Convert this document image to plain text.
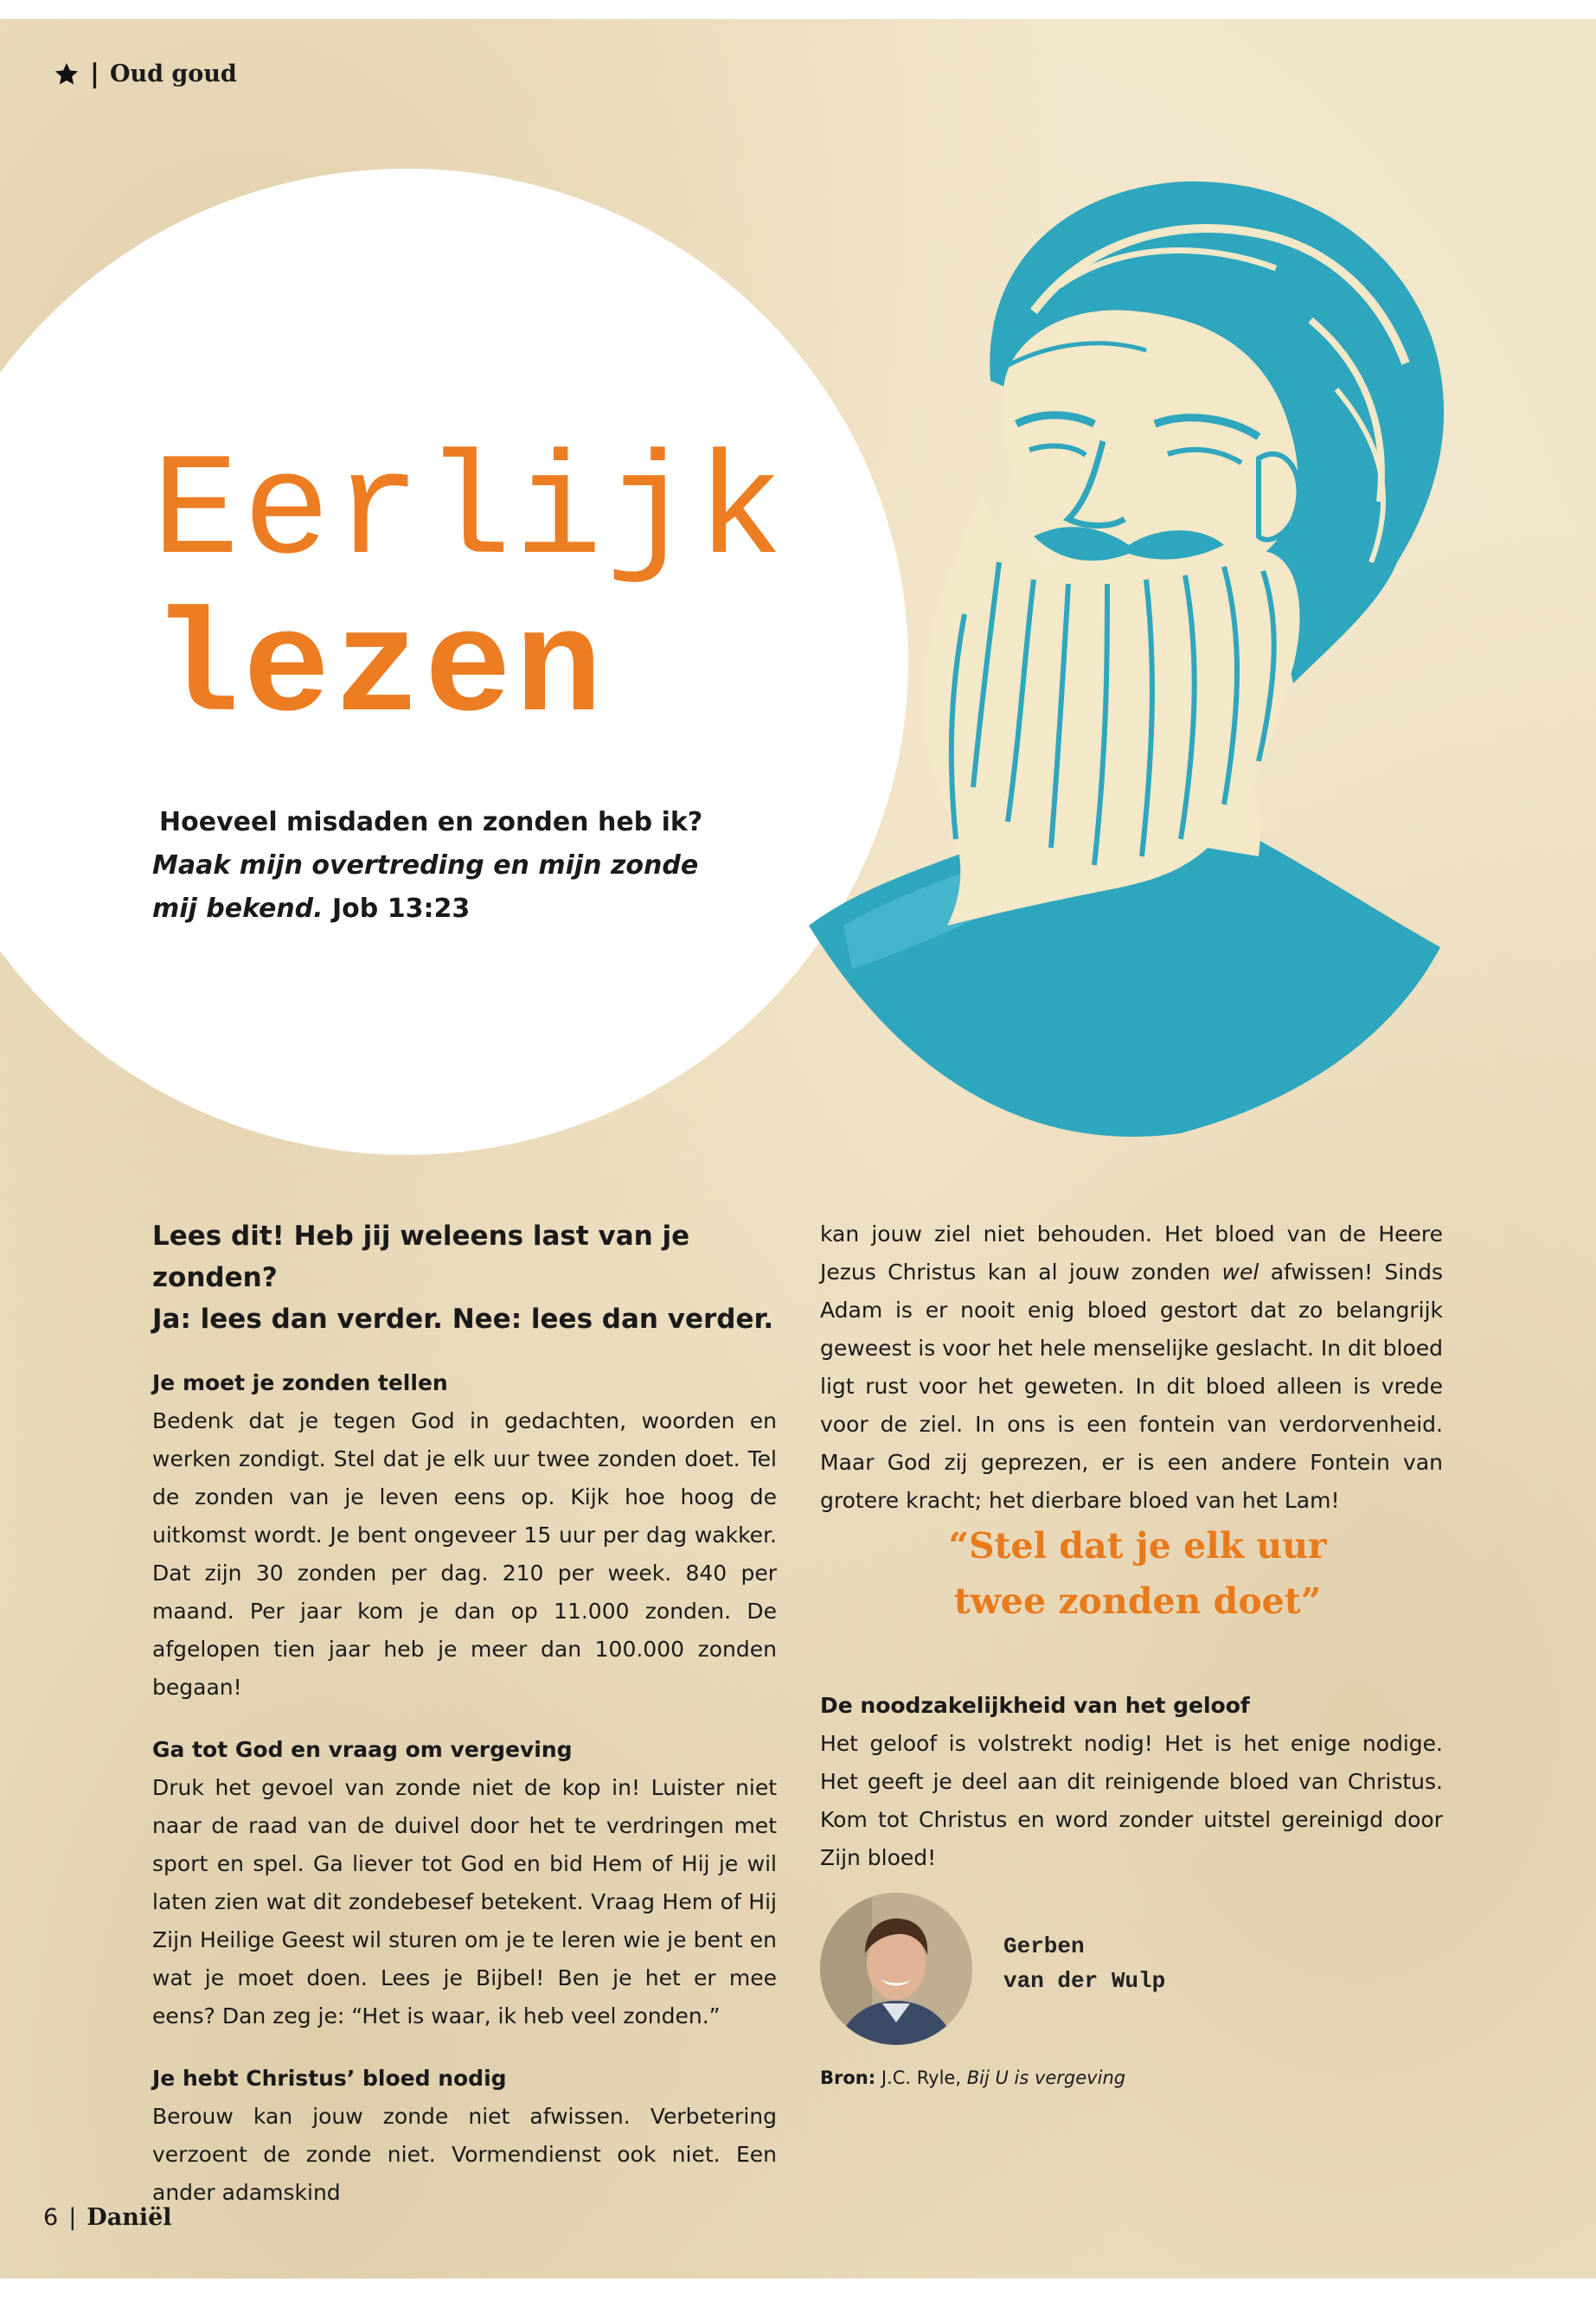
| Oud goud
Eerlijk
lezen
Hoeveel misdaden en zonden heb ik?
Maak mijn overtreding en mijn zonde mij bekend. Job 13:23
Lees dit! Heb jij weleens last van je zonden?
Ja: lees dan verder. Nee: lees dan verder.
Je moet je zonden tellen

Bedenk dat je tegen God in gedachten, woorden en werken zondigt. Stel dat je elk uur twee zonden doet. Tel de zonden van je leven eens op. Kijk hoe hoog de uitkomst wordt. Je bent ongeveer 15 uur per dag wakker. Dat zijn 30 zonden per dag. 210 per week. 840 per maand. Per jaar kom je dan op 11.000 zonden. De afgelopen tien jaar heb je meer dan 100.000 zonden begaan!

Ga tot God en vraag om vergeving

Druk het gevoel van zonde niet de kop in! Luister niet naar de raad van de duivel door het te verdringen met sport en spel. Ga liever tot God en bid Hem of Hij je wil laten zien wat dit zondebesef betekent. Vraag Hem of Hij Zijn Heilige Geest wil sturen om je te leren wie je bent en wat je moet doen. Lees je Bijbel! Ben je het er mee eens? Dan zeg je: “Het is waar, ik heb veel zonden.”

Je hebt Christus’ bloed nodig

Berouw kan jouw zonde niet afwissen. Verbetering verzoent de zonde niet. Vormendienst ook niet. Een ander adamskind

kan jouw ziel niet behouden. Het bloed van de Heere Jezus Christus kan al jouw zonden wel afwissen! Sinds Adam is er nooit enig bloed gestort dat zo belangrijk geweest is voor het hele menselijke geslacht. In dit bloed ligt rust voor het geweten. In dit bloed alleen is vrede voor de ziel. In ons is een fontein van verdorvenheid. Maar God zij geprezen, er is een andere Fontein van grotere kracht; het dierbare bloed van het Lam!

“Stel dat je elk uur
twee zonden doet”
De noodzakelijkheid van het geloof

Het geloof is volstrekt nodig! Het is het enige nodige. Het geeft je deel aan dit reinigende bloed van Christus. Kom tot Christus en word zonder uitstel gereinigd door Zijn bloed!

Gerben
van der Wulp
Bron: J.C. Ryle, Bij U is vergeving
6 | Daniël
